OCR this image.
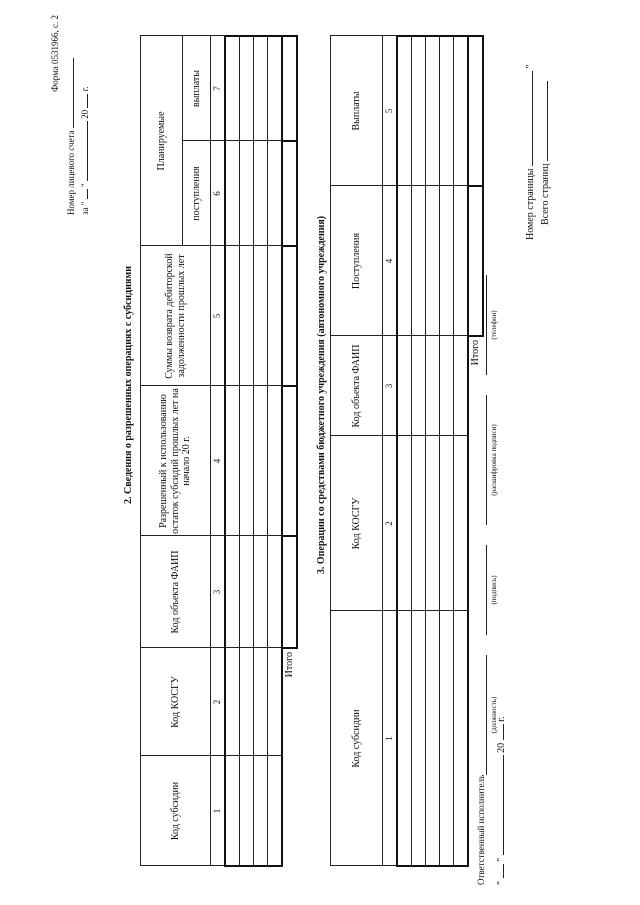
Форма 0531966, с. 2
Номер лицевого счета за "  "  20  г.
2. Сведения о разрешенных операциях с субсидиями
Код субсидии	Код КОСГУ	Код объекта ФАИП	Разрешенный к использованию остаток субсидий прошлых лет на начало 20 г.	Суммы возврата дебиторской задолженности прошлых лет	Планируемые	
					поступления	выплаты
1	2	3	4	5	6	7

Итого						
3. Операции со средствами бюджетного учреждения (автономного учреждения)
Код субсидии	Код КОСГУ	Код объекта ФАИП	Поступления	Выплаты
1	2	3	4	5

Итого				
Ответственный исполнитель
(должность)
(подпись)
(расшифровка подписи)
(телефон)
"  "  20  г.
Номер страницы  "
Всего страниц
